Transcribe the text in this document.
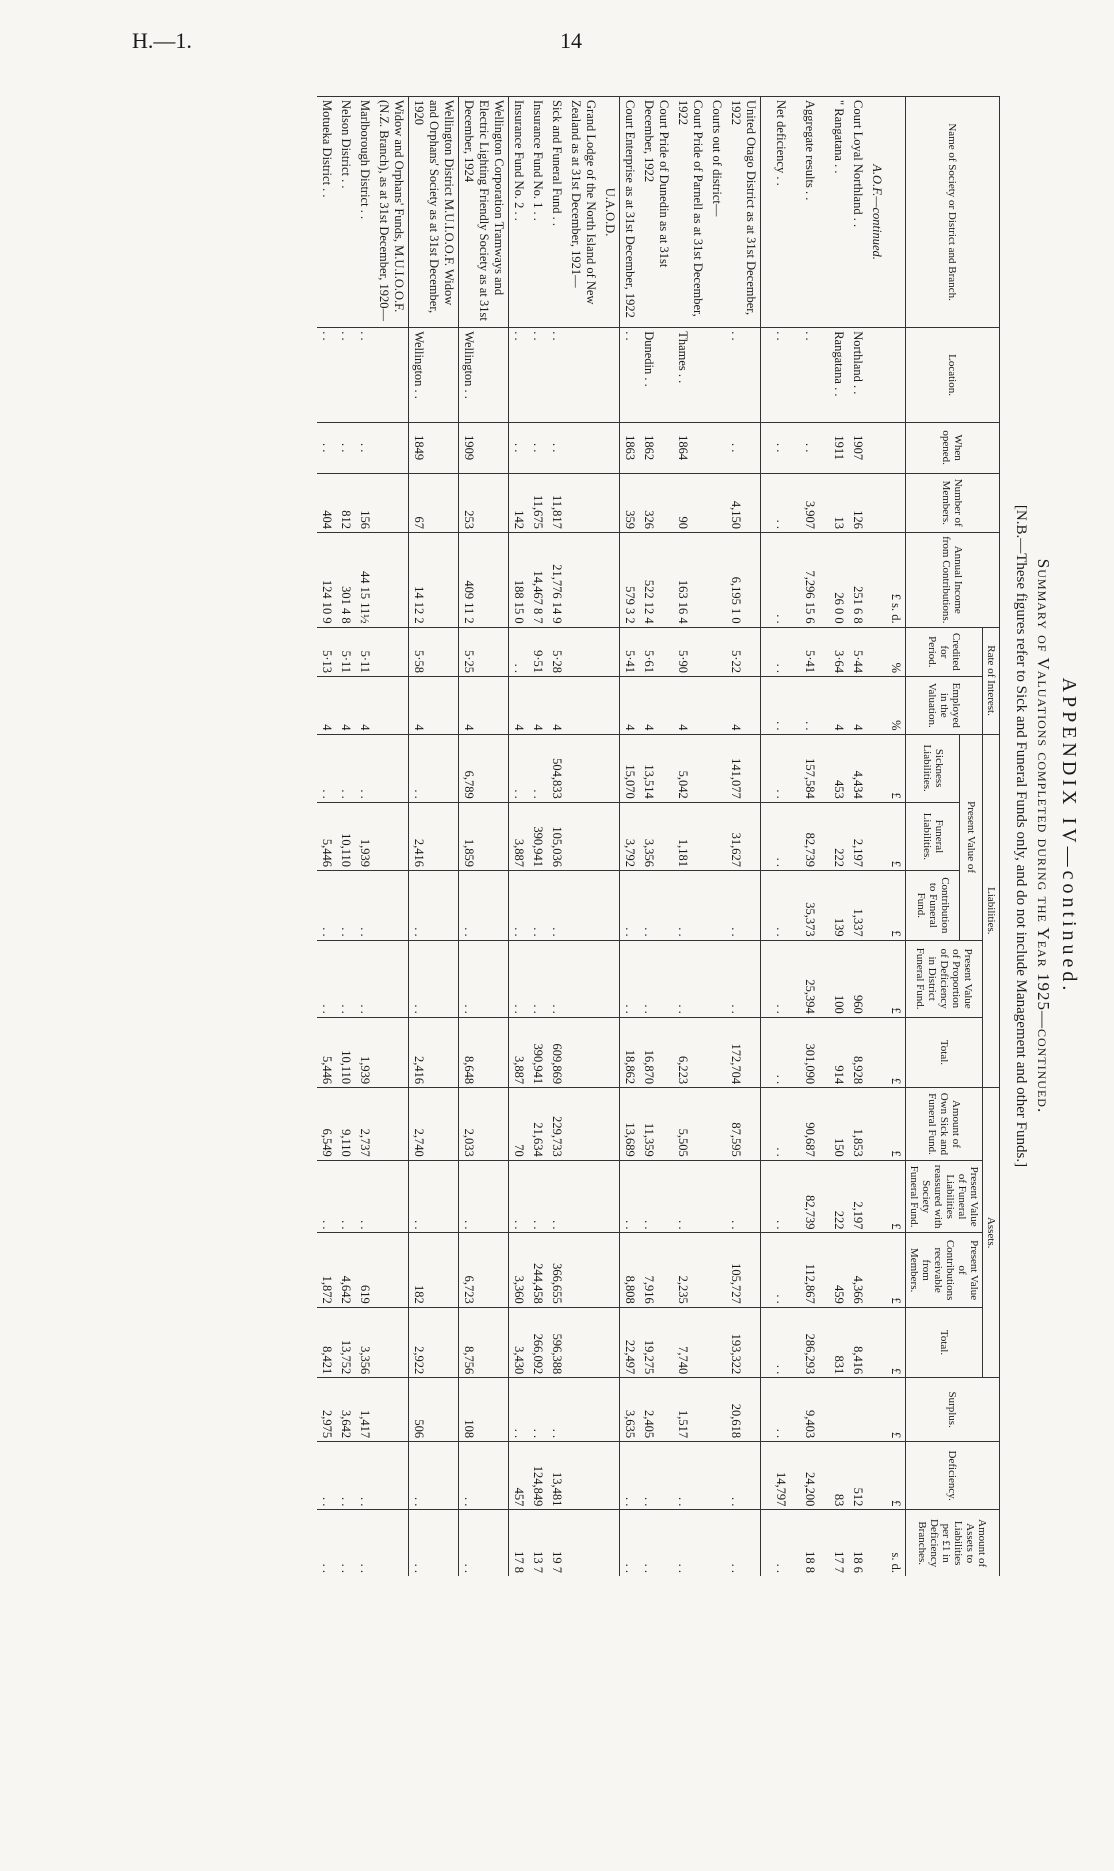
H.—1.	14
APPENDIX IV—continued.
Summary of Valuations completed during the Year 1925—continued.
[N.B.—These figures refer to Sick and Funeral Funds only, and do not include Management and other Funds.]
Name of Society or District and Branch.	Location.	When opened.	Number of Members.	Annual Income from Contributions.	Rate of Interest.		Liabilities.					Assets.				Surplus.	Deficiency.	Amount of Assets to Liabilities per £1 in Deficiency Branches.
					Credited for Period.	Employed in the Valuation.	Present Value of			Present Value of Proportion of Deficiency in District Funeral Fund.	Total.	Amount of Own Sick and Funeral Fund.	Present Value of Funeral Liabilities reassured with Society Funeral Fund.	Present Value of Contributions receivable from Members.	Total.			
							Sickness Liabilities.	Funeral Liabilities.	Contribution to Funeral Fund.									
				£ s. d.	%	%	£	£	£	£	£	£	£	£	£	£	£	s. d.
A.O.F.—continued.																		
Court Loyal Northland . .	Northland . .	1907	126	251 6 8	5·44	4	4,434	2,197	1,337	960	8,928	1,853	2,197	4,366	8,416		512	18 6
" Rangatana . .	Rangatana . .	1911	13	26 0 0	3·64	4	453	222	139	100	914	150	222	459	831		83	17 7

Aggregate results . .	. .	. .	3,907	7,296 15 6	5·41	. .	157,584	82,739	35,373	25,394	301,090	90,687	82,739	112,867	286,293	9,403	24,200	18 8

Net deficiency . .	. .	. .	. .	. .	. .	. .	. .	. .	. .	. .	. .	. .	. .	. .	. .	. .	14,797	. .

United Otago District as at 31st December, 1922	. .	. .	4,150	6,195 1 0	5·22	4	141,077	31,627	. .	. .	172,704	87,595	. .	105,727	193,322	20,618	. .	. .
Courts out of district—																		
Court Pride of Parnell as at 31st December, 1922	Thames . .	1864	90	163 16 4	5·90	4	5,042	1,181	. .	. .	6,223	5,505	. .	2,235	7,740	1,517	. .	. .
Court Pride of Dunedin as at 31st December, 1922	Dunedin . .	1862	326	522 12 4	5·61	4	13,514	3,356	. .	. .	16,870	11,359	. .	7,916	19,275	2,405	. .	. .
Court Enterprise as at 31st December, 1922	. .	1863	359	579 3 2	5·41	4	15,070	3,792	. .	. .	18,862	13,689	. .	8,808	22,497	3,635	. .	. .
U.A.O.D.																		
Grand Lodge of the North Island of New Zealand as at 31st December, 1921—																		
Sick and Funeral Fund . .	. .	. .	11,817	21,776 14 9	5·28	4	504,833	105,036	. .	. .	609,869	229,733	. .	366,655	596,388	. .	13,481	19 7
Insurance Fund No. 1 . .	. .	. .	11,675	14,467 8 7	9·51	4	. .	390,941	. .	. .	390,941	21,634	. .	244,458	266,092	. .	124,849	13 7
Insurance Fund No. 2 . .	. .	. .	142	188 15 0	. .	4	. .	3,887	. .	. .	3,887	70	. .	3,360	3,430	. .	457	17 8
Wellington Corporation Tramways and Electric Lighting Friendly Society as at 31st December, 1924	Wellington . .	1909	253	409 11 2	5·25	4	6,789	1,859	. .	. .	8,648	2,033	. .	6,723	8,756	108	. .	. .
Wellington District M.U.I.O.O.F. Widow and Orphans' Society as at 31st December, 1920	Wellington . .	1849	67	14 12 2	5·58	4	. .	2,416	. .	. .	2,416	2,740	. .	182	2,922	506	. .	. .
Widow and Orphans' Funds, M.U.I.O.O.F. (N.Z. Branch), as at 31st December, 1920—																		
Marlborough District . .	. .	. .	156	44 15 11½	5·11	4	. .	1,939	. .	. .	1,939	2,737	. .	619	3,356	1,417	. .	. .
Nelson District . .	. .	. .	812	301 4 8	5·11	4	. .	10,110	. .	. .	10,110	9,110	. .	4,642	13,752	3,642	. .	. .
Motueka District . .	. .	. .	404	124 10 9	5·13	4	. .	5,446	. .	. .	5,446	6,549	. .	1,872	8,421	2,975	. .	. .
